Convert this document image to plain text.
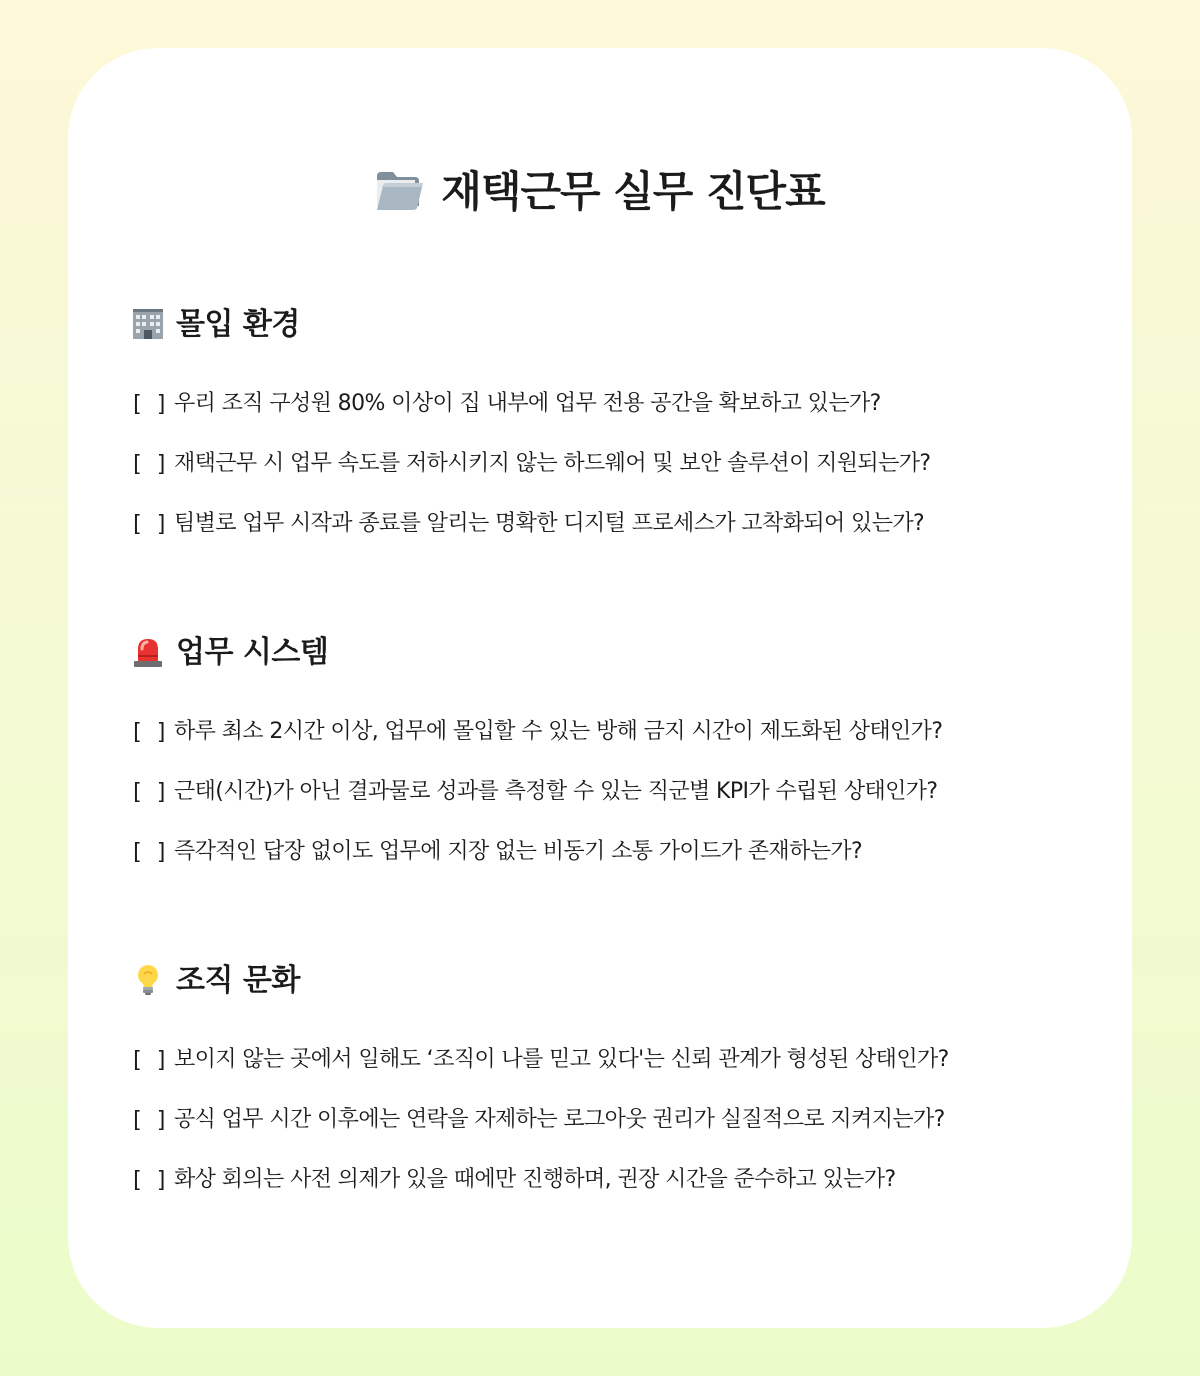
재택근무 실무 진단표
몰입 환경
[ ] 우리 조직 구성원 80% 이상이 집 내부에 업무 전용 공간을 확보하고 있는가?
[ ] 재택근무 시 업무 속도를 저하시키지 않는 하드웨어 및 보안 솔루션이 지원되는가?
[ ] 팀별로 업무 시작과 종료를 알리는 명확한 디지털 프로세스가 고착화되어 있는가?
업무 시스템
[ ] 하루 최소 2시간 이상, 업무에 몰입할 수 있는 방해 금지 시간이 제도화된 상태인가?
[ ] 근태(시간)가 아닌 결과물로 성과를 측정할 수 있는 직군별 KPI가 수립된 상태인가?
[ ] 즉각적인 답장 없이도 업무에 지장 없는 비동기 소통 가이드가 존재하는가?
조직 문화
[ ] 보이지 않는 곳에서 일해도 ‘조직이 나를 믿고 있다'는 신뢰 관계가 형성된 상태인가?
[ ] 공식 업무 시간 이후에는 연락을 자제하는 로그아웃 권리가 실질적으로 지켜지는가?
[ ] 화상 회의는 사전 의제가 있을 때에만 진행하며, 권장 시간을 준수하고 있는가?
